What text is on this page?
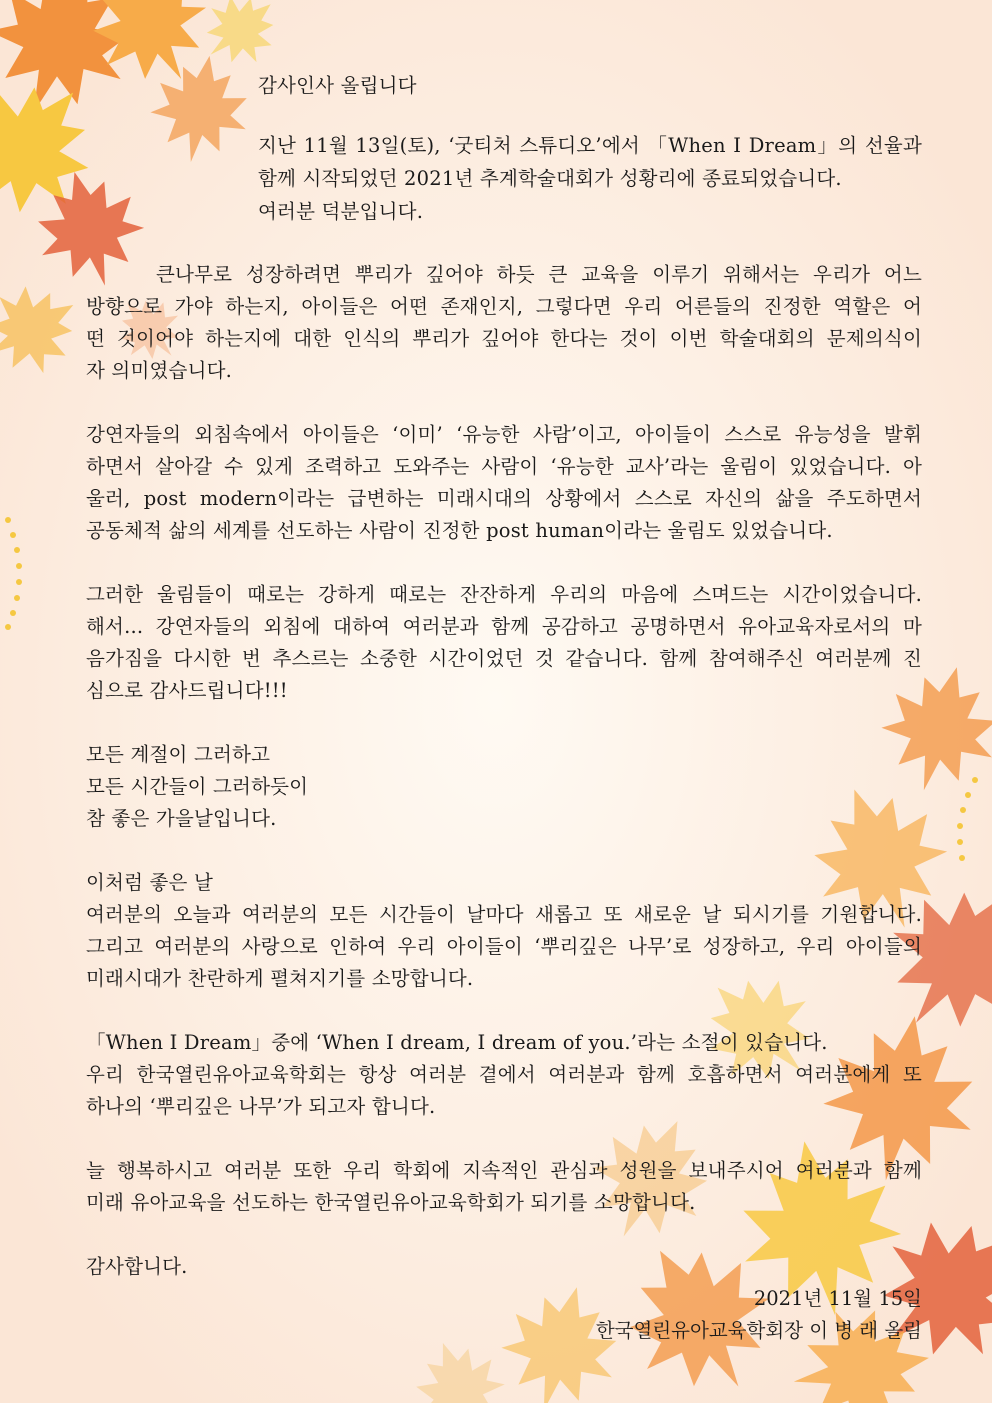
감사인사 올립니다
지난 11월 13일(토), ‘굿티처 스튜디오’에서 「When I Dream」의 선율과
함께 시작되었던 2021년 추계학술대회가 성황리에 종료되었습니다.
여러분 덕분입니다.
큰나무로 성장하려면 뿌리가 깊어야 하듯 큰 교육을 이루기 위해서는 우리가 어느
방향으로 가야 하는지, 아이들은 어떤 존재인지, 그렇다면 우리 어른들의 진정한 역할은 어
떤 것이어야 하는지에 대한 인식의 뿌리가 깊어야 한다는 것이 이번 학술대회의 문제의식이
자 의미였습니다.
강연자들의 외침속에서 아이들은 ‘이미’ ‘유능한 사람’이고, 아이들이 스스로 유능성을 발휘
하면서 살아갈 수 있게 조력하고 도와주는 사람이 ‘유능한 교사’라는 울림이 있었습니다. 아
울러, post modern이라는 급변하는 미래시대의 상황에서 스스로 자신의 삶을 주도하면서
공동체적 삶의 세계를 선도하는 사람이 진정한 post human이라는 울림도 있었습니다.
그러한 울림들이 때로는 강하게 때로는 잔잔하게 우리의 마음에 스며드는 시간이었습니다.
해서... 강연자들의 외침에 대하여 여러분과 함께 공감하고 공명하면서 유아교육자로서의 마
음가짐을 다시한 번 추스르는 소중한 시간이었던 것 같습니다. 함께 참여해주신 여러분께 진
심으로 감사드립니다!!!
모든 계절이 그러하고
모든 시간들이 그러하듯이
참 좋은 가을날입니다.
이처럼 좋은 날
여러분의 오늘과 여러분의 모든 시간들이 날마다 새롭고 또 새로운 날 되시기를 기원합니다.
그리고 여러분의 사랑으로 인하여 우리 아이들이 ‘뿌리깊은 나무’로 성장하고, 우리 아이들의
미래시대가 찬란하게 펼쳐지기를 소망합니다.
「When I Dream」중에 ‘When I dream, I dream of you.’라는 소절이 있습니다.
우리 한국열린유아교육학회는 항상 여러분 곁에서 여러분과 함께 호흡하면서 여러분에게 또
하나의 ‘뿌리깊은 나무’가 되고자 합니다.
늘 행복하시고 여러분 또한 우리 학회에 지속적인 관심과 성원을 보내주시어 여러분과 함께
미래 유아교육을 선도하는 한국열린유아교육학회가 되기를 소망합니다.
감사합니다.
2021년 11월 15일
한국열린유아교육학회장 이 병 래 올림
